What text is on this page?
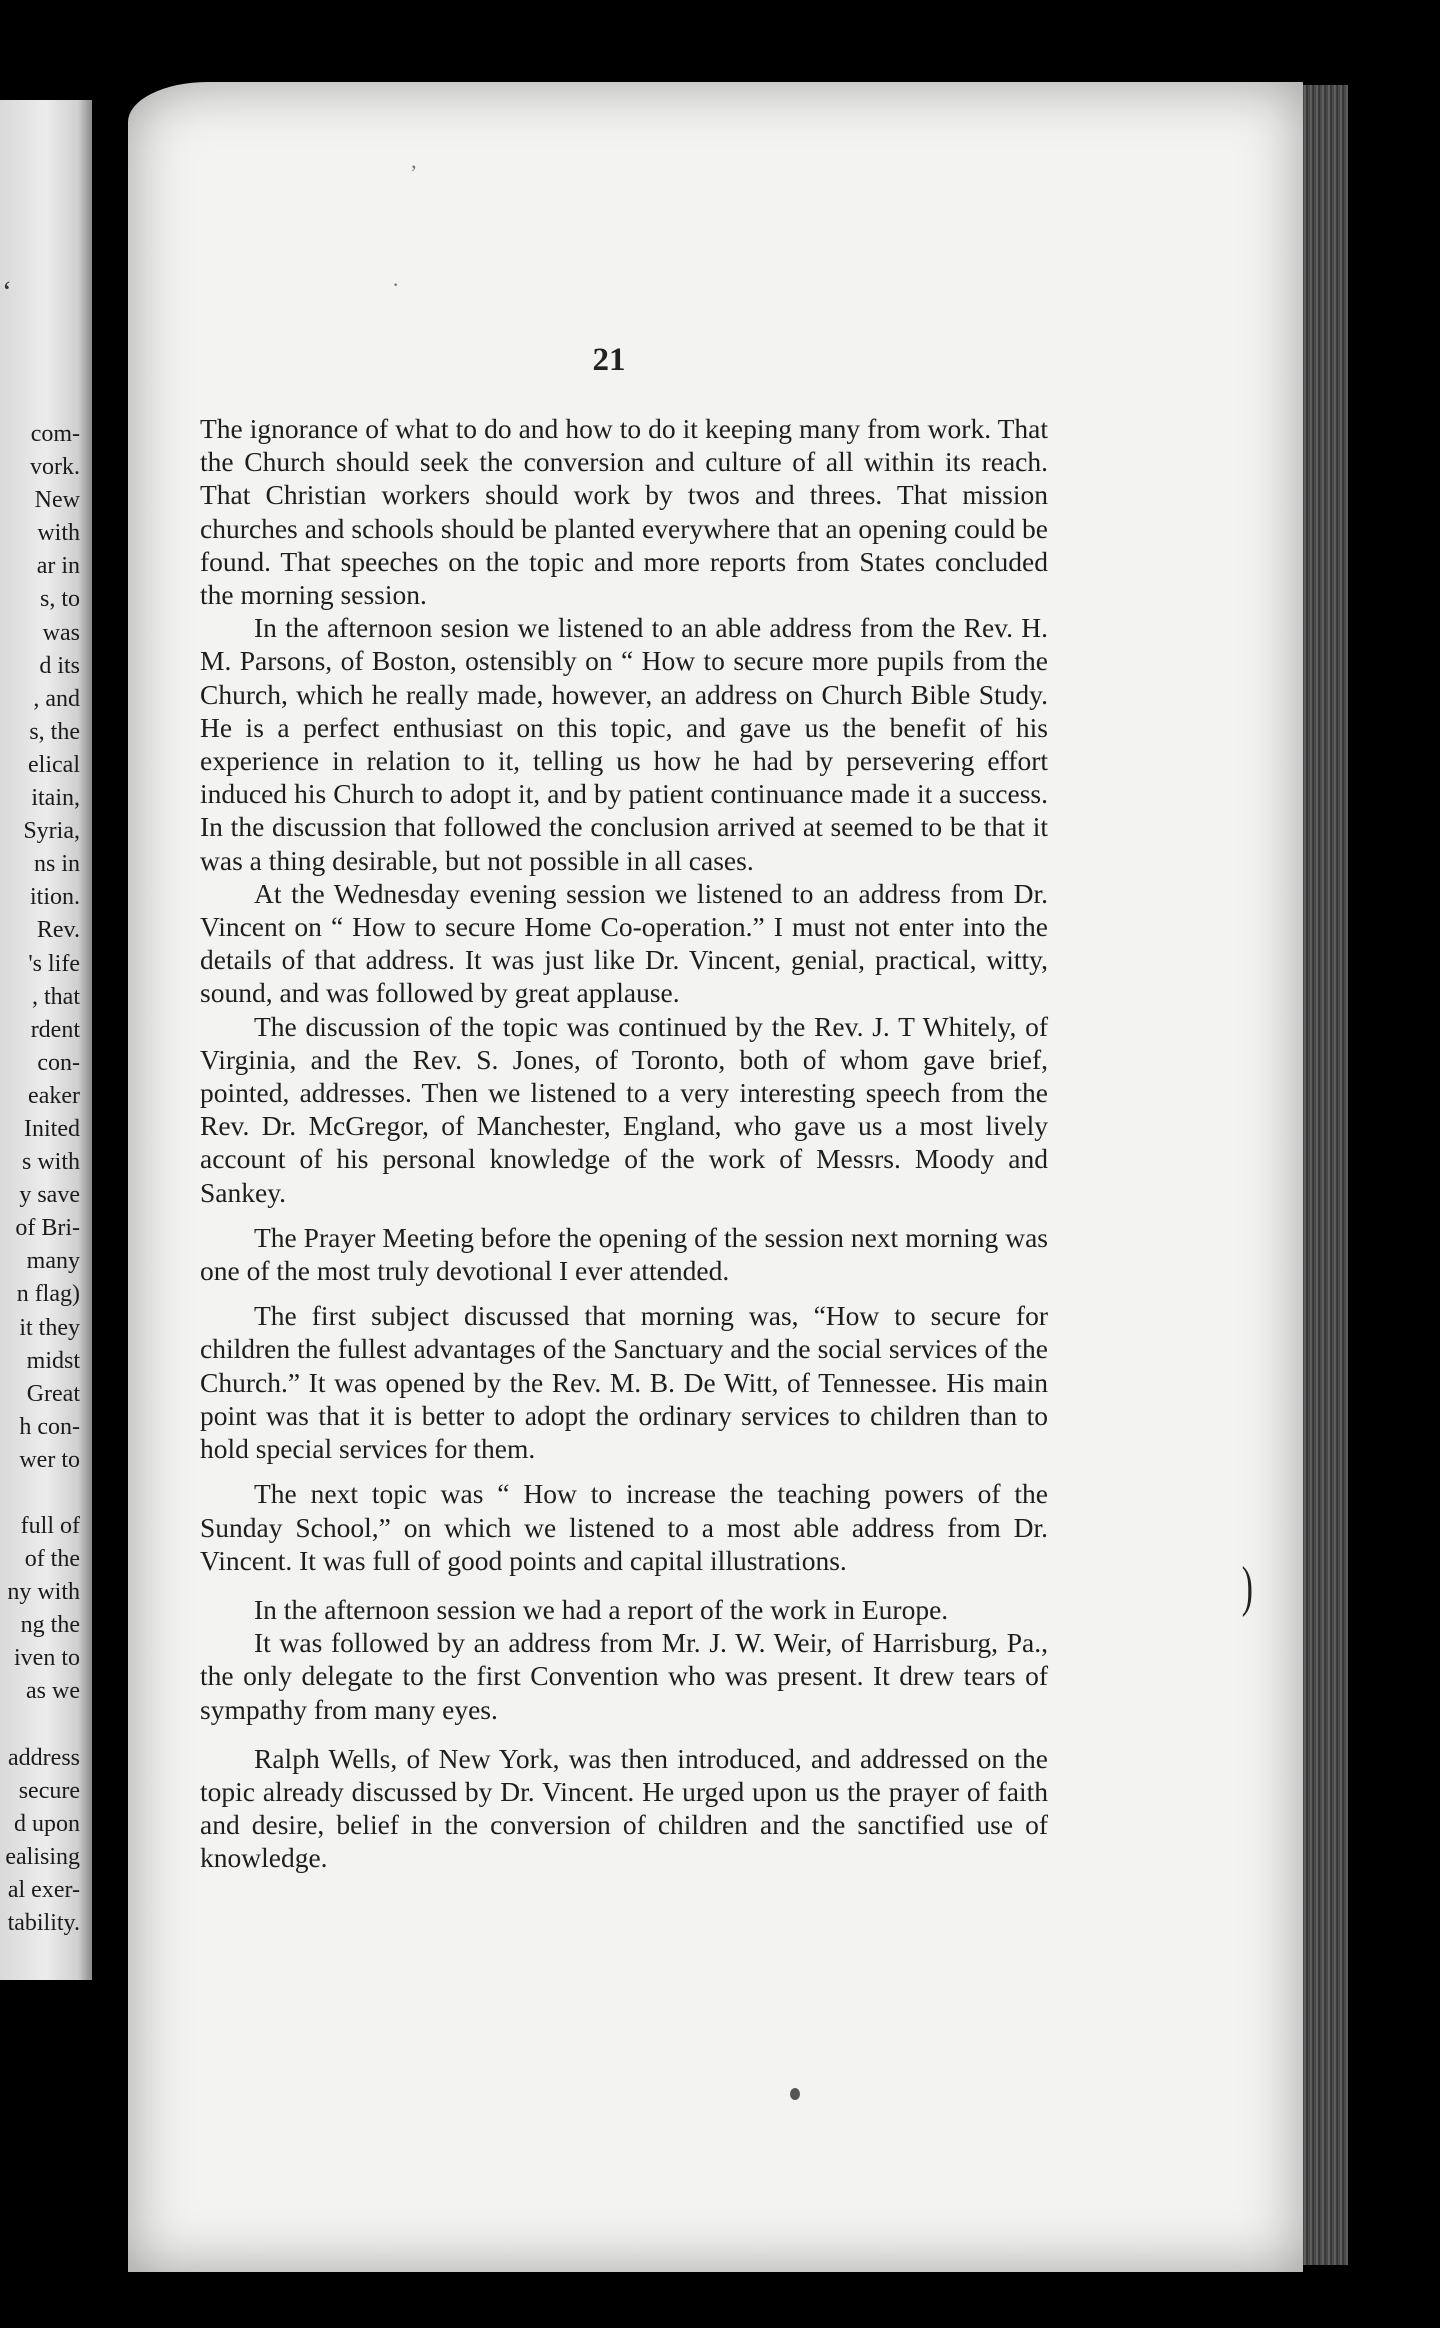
‘
com-
vork.
New
with
ar in
s, to
was
d its
, and
s, the
elical
itain,
Syria,
ns in
ition.
Rev.
's life
, that
rdent
con-
eaker
Inited
s with
y save
of Bri-
many
n flag)
it they
midst
Great
h con-
wer to
full of
of the
ny with
ng the
iven to
as we
address
secure
d upon
ealising
al exer-
tability.
’
·
21

The ignorance of what to do and how to do it keeping many from work. That the Church should seek the conversion and culture of all within its reach. That Christian workers should work by twos and threes. That mission churches and schools should be planted everywhere that an opening could be found. That speeches on the topic and more reports from States concluded the morning session.

In the afternoon sesion we listened to an able address from the Rev. H. M. Parsons, of Boston, ostensibly on “ How to secure more pupils from the Church, which he really made, however, an address on Church Bible Study. He is a perfect enthusiast on this topic, and gave us the benefit of his experience in relation to it, telling us how he had by persevering effort induced his Church to adopt it, and by patient continuance made it a success. In the discussion that followed the conclusion arrived at seemed to be that it was a thing desirable, but not possible in all cases.

At the Wednesday evening session we listened to an address from Dr. Vincent on “ How to secure Home Co-operation.” I must not enter into the details of that address. It was just like Dr. Vincent, genial, practical, witty, sound, and was followed by great applause.

The discussion of the topic was continued by the Rev. J. T Whitely, of Virginia, and the Rev. S. Jones, of Toronto, both of whom gave brief, pointed, addresses. Then we listened to a very interesting speech from the Rev. Dr. McGregor, of Manchester, England, who gave us a most lively account of his personal knowledge of the work of Messrs. Moody and Sankey.

The Prayer Meeting before the opening of the session next morning was one of the most truly devotional I ever attended.

The first subject discussed that morning was, “How to secure for children the fullest advantages of the Sanctuary and the social services of the Church.” It was opened by the Rev. M. B. De Witt, of Tennessee. His main point was that it is better to adopt the ordinary services to children than to hold special services for them.

The next topic was “ How to increase the teaching powers of the Sunday School,” on which we listened to a most able address from Dr. Vincent. It was full of good points and capital illustrations.

In the afternoon session we had a report of the work in Europe.

It was followed by an address from Mr. J. W. Weir, of Harrisburg, Pa., the only delegate to the first Convention who was present. It drew tears of sympathy from many eyes.

Ralph Wells, of New York, was then introduced, and addressed on the topic already discussed by Dr. Vincent. He urged upon us the prayer of faith and desire, belief in the conversion of children and the sanctified use of knowledge.

)
